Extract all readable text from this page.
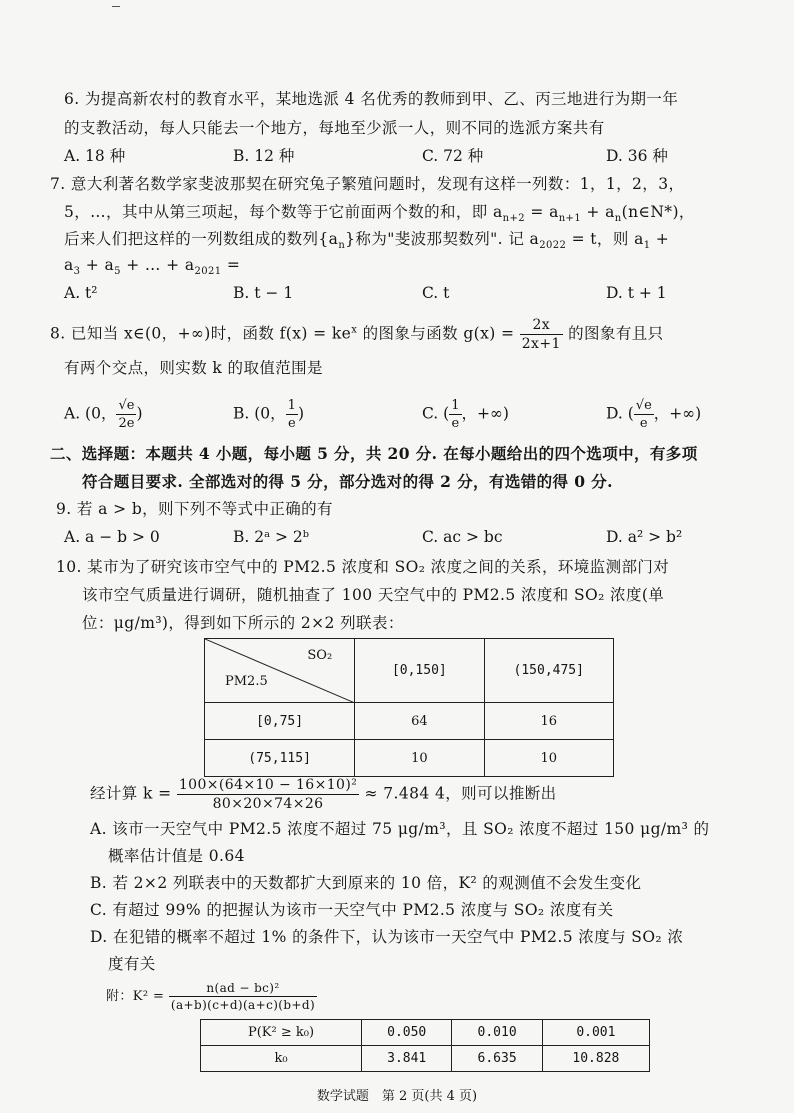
6. 为提高新农村的教育水平，某地选派 4 名优秀的教师到甲、乙、丙三地进行为期一年
的支教活动，每人只能去一个地方，每地至少派一人，则不同的选派方案共有
A. 18 种	B. 12 种	C. 72 种	D. 36 种
7. 意大利著名数学家斐波那契在研究兔子繁殖问题时，发现有这样一列数：1，1，2，3，
5，…，其中从第三项起，每个数等于它前面两个数的和，即 $a_{n+2} = a_{n+1}$ + $a_n(n\in N*)$，
后来人们把这样的一列数组成的数列$\{a_n\}$称为"斐波那契数列". 记 $a_{2022} = t$，则 $a_1$ +
$a_3 + a_5$ + … + $a_{2021}$ =
A. t²	B. t − 1	C. t	D. t + 1
8. 已知当 x∈(0，+∞)时，函数 $f(x) = ke^x$ 的图象与函数 $g(x) = \frac{2x}{2x+1}$ 的图象有且只
有两个交点，则实数 k 的取值范围是
A. (0， $\frac{√e}{2e}$ )	B. (0， $\frac{1}{e}$ )	C. ( $\frac{1}{e}$ ，+∞)	D. ( $\frac{√e}{e}$ ，+∞)
二、选择题：本题共 4 小题，每小题 5 分，共 20 分. 在每小题给出的四个选项中，有多项
符合题目要求. 全部选对的得 5 分，部分选对的得 2 分，有选错的得 0 分.
9. 若 a > b，则下列不等式中正确的有
A. a − b > 0	B. 2ᵃ > 2ᵇ	C. ac > bc	D. a² > b²
10. 某市为了研究该市空气中的 PM2.5 浓度和 SO₂ 浓度之间的关系，环境监测部门对
该市空气质量进行调研，随机抽查了 100 天空气中的 PM2.5 浓度和 SO₂ 浓度(单
位：μg/m³)，得到如下所示的 2×2 列联表：
SO₂
PM2.5	[0,150]	(150,475]
[0,75]	64	16
(75,115]	10	10
经计算 $k = \frac{\text{100×(64×10 − 16×10)²}}{80\times 20\times 74\times 26} \approx 7.484$ 4，则可以推断出
A. 该市一天空气中 PM2.5 浓度不超过 75 μg/m³，且 SO₂ 浓度不超过 150 μg/m³ 的
概率估计值是 0.64
B. 若 2×2 列联表中的天数都扩大到原来的 10 倍，K² 的观测值不会发生变化
C. 有超过 99% 的把握认为该市一天空气中 PM2.5 浓度与 SO₂ 浓度有关
D. 在犯错的概率不超过 1% 的条件下，认为该市一天空气中 PM2.5 浓度与 SO₂ 浓
度有关
附：$K^2 = \frac{\text{n(ad − bc)²}}{(a+b)(c+d)(a+c)(b+d)}$
P(K² ≥ k₀)	0.050	0.010	0.001
k₀	3.841	6.635	10.828
数学试题　第 2 页(共 4 页)
